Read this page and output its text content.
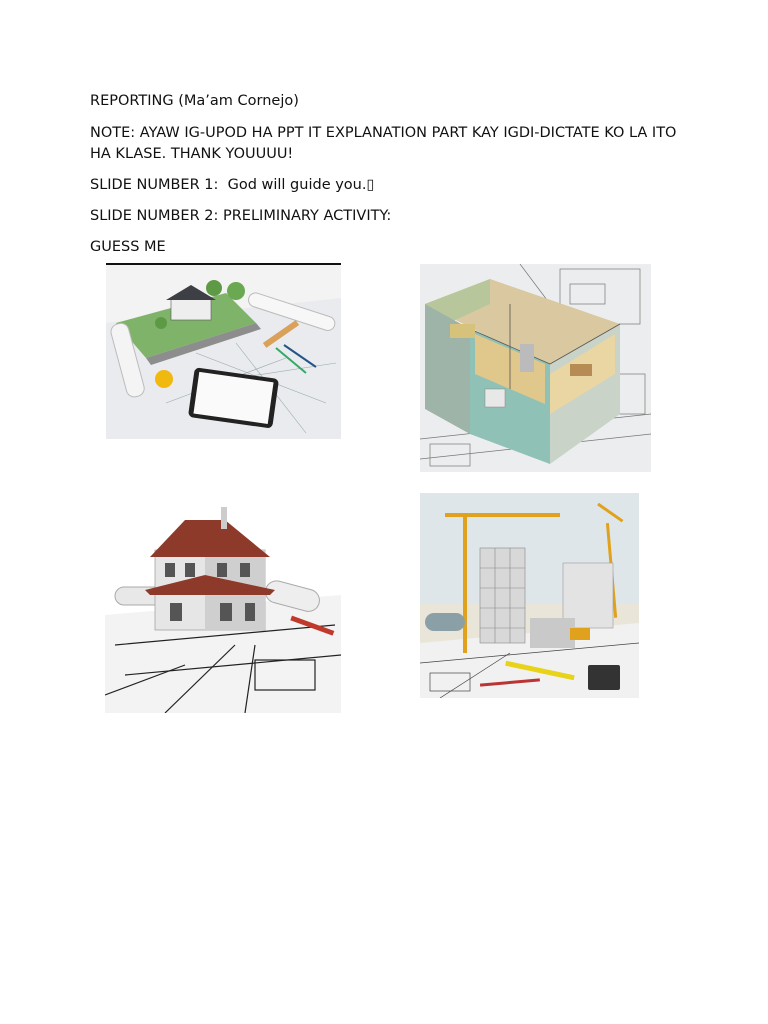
REPORTING (Ma’am Cornejo)

NOTE: AYAW IG-UPOD HA PPT IT EXPLANATION PART KAY IGDI-DICTATE KO LA ITO HA KLASE. THANK YOUUUU!

SLIDE NUMBER 1:  God will guide you.▯

SLIDE NUMBER 2: PRELIMINARY ACTIVITY:

GUESS ME
